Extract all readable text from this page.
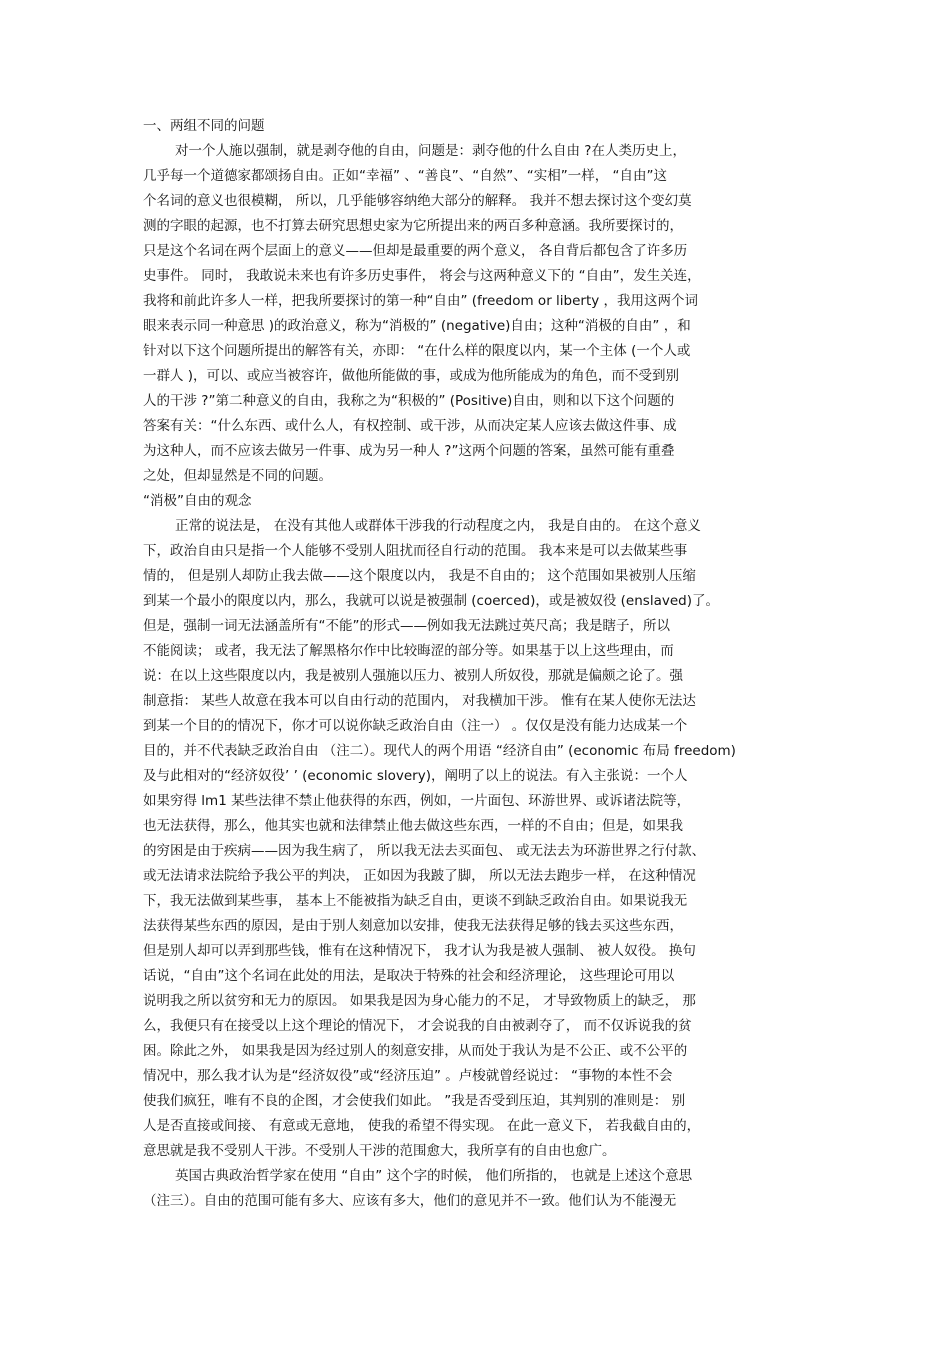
一、两组不同的问题
对一个人施以强制，就是剥夺他的自由，问题是：剥夺他的什么自由 ?在人类历史上，
几乎每一个道德家都颂扬自由。正如“幸福” 、“善良”、“自然”、“实相”一样， “自由”这
个名词的意义也很模糊， 所以，几乎能够容纳绝大部分的解释。 我并不想去探讨这个变幻莫
测的字眼的起源，也不打算去研究思想史家为它所提出来的两百多种意涵。我所要探讨的，
只是这个名词在两个层面上的意义——但却是最重要的两个意义， 各自背后都包含了许多历
史事件。 同时， 我敢说未来也有许多历史事件， 将会与这两种意义下的 “自由”，发生关连，
我将和前此许多人一样，把我所要探讨的第一种“自由” (freedom or liberty ，我用这两个词
眼来表示同一种意思 )的政治意义，称为“消极的” (negative)自由；这种“消极的自由” ，和
针对以下这个问题所提出的解答有关，亦即： “在什么样的限度以内，某一个主体 (一个人或
一群人 )，可以、或应当被容许，做他所能做的事，或成为他所能成为的角色，而不受到别
人的干涉 ?”第二种意义的自由，我称之为“积极的” (Positive)自由，则和以下这个问题的
答案有关：“什么东西、或什么人，有权控制、或干涉，从而决定某人应该去做这件事、成
为这种人，而不应该去做另一件事、成为另一种人 ?”这两个问题的答案，虽然可能有重叠
之处，但却显然是不同的问题。
“消极”自由的观念
正常的说法是， 在没有其他人或群体干涉我的行动程度之内， 我是自由的。 在这个意义
下，政治自由只是指一个人能够不受别人阻扰而径自行动的范围。 我本来是可以去做某些事
情的， 但是别人却防止我去做——这个限度以内， 我是不自由的； 这个范围如果被别人压缩
到某一个最小的限度以内，那么，我就可以说是被强制 (coerced)，或是被奴役 (enslaved)了。
但是，强制一词无法涵盖所有“不能”的形式——例如我无法跳过英尺高；我是瞎子，所以
不能阅读； 或者，我无法了解黑格尔作中比较晦涩的部分等。如果基于以上这些理由，而
说：在以上这些限度以内，我是被别人强施以压力、被别人所奴役，那就是偏颇之论了。强
制意指： 某些人故意在我本可以自由行动的范围内， 对我横加干涉。 惟有在某人使你无法达
到某一个目的的情况下，你才可以说你缺乏政治自由（注一） 。仅仅是没有能力达成某一个
目的，并不代表缺乏政治自由 （注二）。现代人的两个用语 “经济自由” (economic 布局 freedom)
及与此相对的“经济奴役’ ’ (economic slovery)，阐明了以上的说法。有入主张说：一个人
如果穷得 lm1 某些法律不禁止他获得的东西，例如，一片面包、环游世界、或诉诸法院等，
也无法获得，那么，他其实也就和法律禁止他去做这些东西，一样的不自由；但是，如果我
的穷困是由于疾病——因为我生病了， 所以我无法去买面包、 或无法去为环游世界之行付款、
或无法请求法院给予我公平的判决， 正如因为我跛了脚， 所以无法去跑步一样， 在这种情况
下，我无法做到某些事， 基本上不能被指为缺乏自由，更谈不到缺乏政治自由。如果说我无
法获得某些东西的原因，是由于别人刻意加以安排，使我无法获得足够的钱去买这些东西，
但是别人却可以弄到那些钱，惟有在这种情况下， 我才认为我是被人强制、 被人奴役。 换句
话说，“自由”这个名词在此处的用法，是取决于特殊的社会和经济理论， 这些理论可用以
说明我之所以贫穷和无力的原因。 如果我是因为身心能力的不足， 才导致物质上的缺乏， 那
么，我便只有在接受以上这个理论的情况下， 才会说我的自由被剥夺了， 而不仅诉说我的贫
困。除此之外， 如果我是因为经过别人的刻意安排，从而处于我认为是不公正、或不公平的
情况中，那么我才认为是“经济奴役”或“经济压迫” 。卢梭就曾经说过： “事物的本性不会
使我们疯狂，唯有不良的企图，才会使我们如此。 ”我是否受到压迫，其判别的准则是： 别
人是否直接或间接、 有意或无意地， 使我的希望不得实现。 在此一意义下， 若我截自由的，
意思就是我不受别人干涉。不受别人干涉的范围愈大，我所享有的自由也愈广。
英国古典政治哲学家在使用 “自由” 这个字的时候， 他们所指的， 也就是上述这个意思
（注三）。自由的范围可能有多大、应该有多大，他们的意见并不一致。他们认为不能漫无
